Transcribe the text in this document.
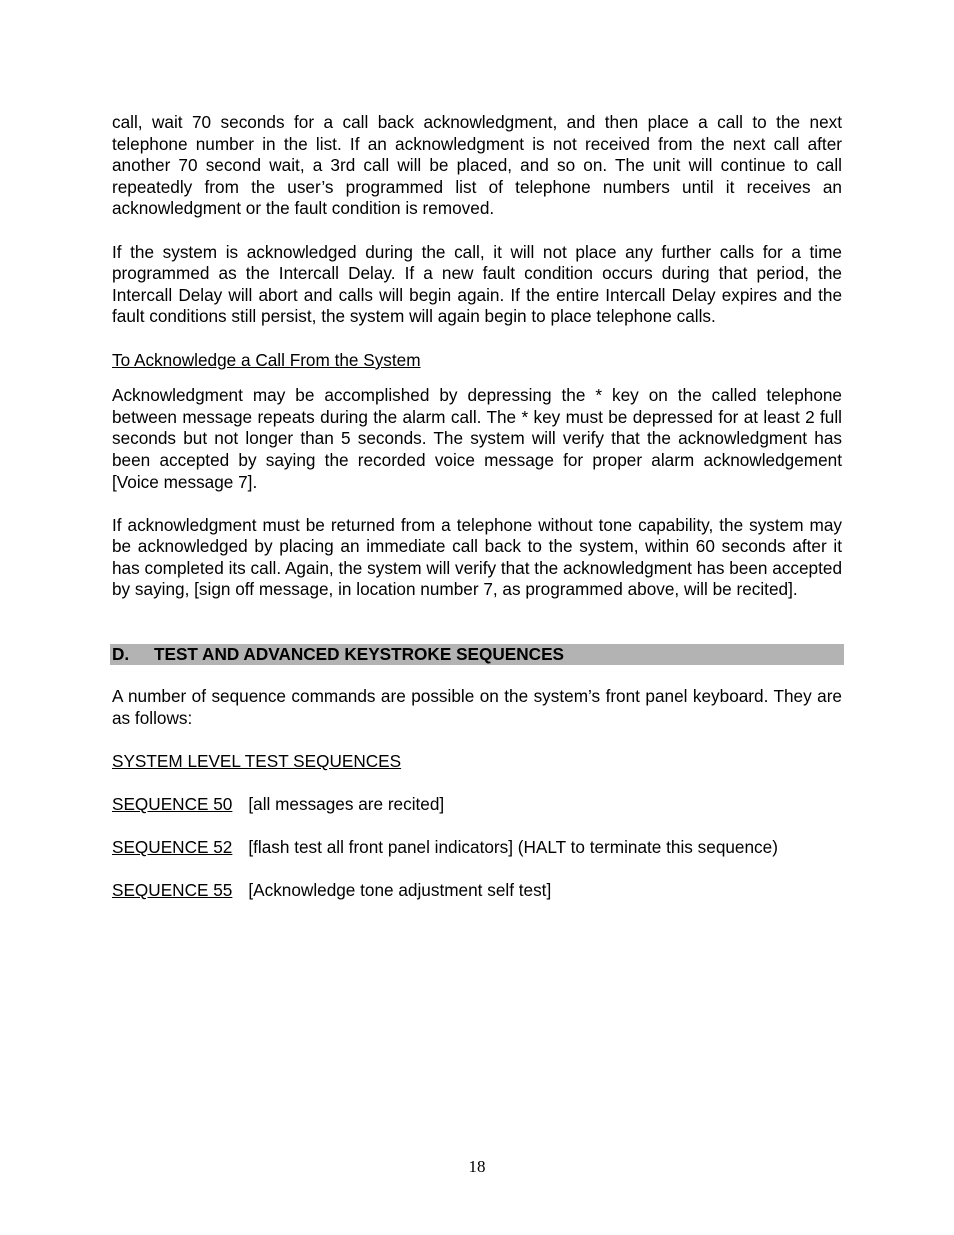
call, wait 70 seconds for a call back acknowledgment, and then place a call to the next telephone number in the list. If an acknowledgment is not received from the next call after another 70 second wait, a 3rd call will be placed, and so on. The unit will continue to call repeatedly from the user’s programmed list of telephone numbers until it receives an acknowledgment or the fault condition is removed.

If the system is acknowledged during the call, it will not place any further calls for a time programmed as the Intercall Delay. If a new fault condition occurs during that period, the Intercall Delay will abort and calls will begin again. If the entire Intercall Delay expires and the fault conditions still persist, the system will again begin to place telephone calls.

To Acknowledge a Call From the System

Acknowledgment may be accomplished by depressing the * key on the called telephone between message repeats during the alarm call. The * key must be depressed for at least 2 full seconds but not longer than 5 seconds. The system will verify that the acknowledgment has been accepted by saying the recorded voice message for proper alarm acknowledgement [Voice message 7].

If acknowledgment must be returned from a telephone without tone capability, the system may be acknowledged by placing an immediate call back to the system, within 60 seconds after it has completed its call. Again, the system will verify that the acknowledgment has been accepted by saying, [sign off message, in location number 7, as programmed above, will be recited].

D. TEST AND ADVANCED KEYSTROKE SEQUENCES

A number of sequence commands are possible on the system’s front panel keyboard. They are as follows:

SYSTEM LEVEL TEST SEQUENCES
SEQUENCE 50 [all messages are recited]
SEQUENCE 52 [flash test all front panel indicators] (HALT to terminate this sequence)
SEQUENCE 55 [Acknowledge tone adjustment self test]
18
